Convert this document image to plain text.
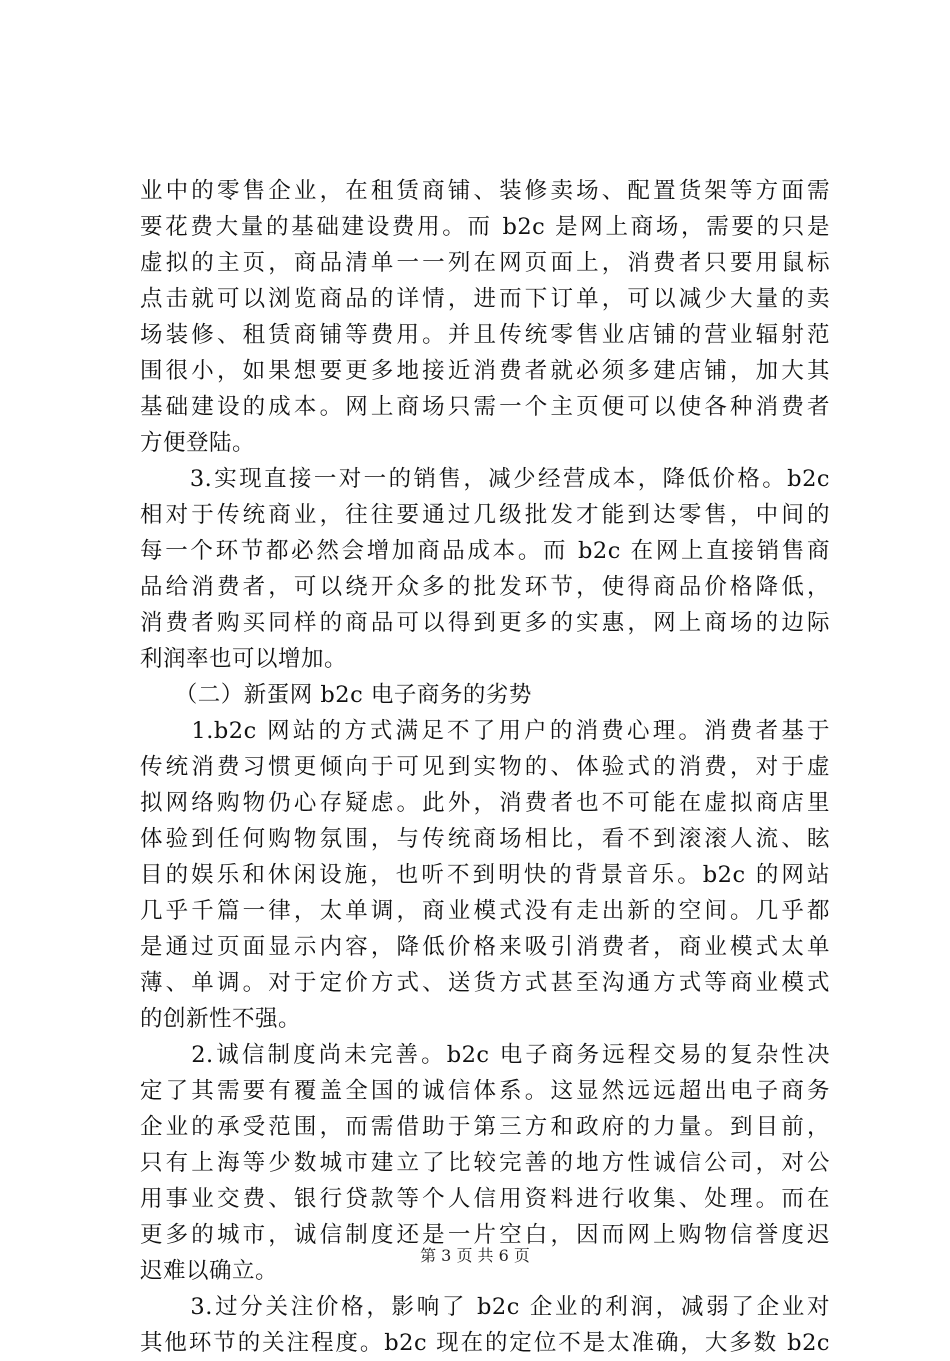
业中的零售企业，在租赁商铺、装修卖场、配置货架等方面需
要花费大量的基础建设费用。而 b2c 是网上商场，需要的只是
虚拟的主页，商品清单一一列在网页面上，消费者只要用鼠标
点击就可以浏览商品的详情，进而下订单，可以减少大量的卖
场装修、租赁商铺等费用。并且传统零售业店铺的营业辐射范
围很小，如果想要更多地接近消费者就必须多建店铺，加大其
基础建设的成本。网上商场只需一个主页便可以使各种消费者
方便登陆。
　　3.实现直接一对一的销售，减少经营成本，降低价格。b2c
相对于传统商业，往往要通过几级批发才能到达零售，中间的
每一个环节都必然会增加商品成本。而 b2c 在网上直接销售商
品给消费者，可以绕开众多的批发环节，使得商品价格降低，
消费者购买同样的商品可以得到更多的实惠，网上商场的边际
利润率也可以增加。
　　（二）新蛋网 b2c 电子商务的劣势
　　1.b2c 网站的方式满足不了用户的消费心理。消费者基于
传统消费习惯更倾向于可见到实物的、体验式的消费，对于虚
拟网络购物仍心存疑虑。此外，消费者也不可能在虚拟商店里
体验到任何购物氛围，与传统商场相比，看不到滚滚人流、眩
目的娱乐和休闲设施，也听不到明快的背景音乐。b2c 的网站
几乎千篇一律，太单调，商业模式没有走出新的空间。几乎都
是通过页面显示内容，降低价格来吸引消费者，商业模式太单
薄、单调。对于定价方式、送货方式甚至沟通方式等商业模式
的创新性不强。
　　2.诚信制度尚未完善。b2c 电子商务远程交易的复杂性决
定了其需要有覆盖全国的诚信体系。这显然远远超出电子商务
企业的承受范围，而需借助于第三方和政府的力量。到目前，
只有上海等少数城市建立了比较完善的地方性诚信公司，对公
用事业交费、银行贷款等个人信用资料进行收集、处理。而在
更多的城市，诚信制度还是一片空白，因而网上购物信誉度迟
迟难以确立。
　　3.过分关注价格，影响了 b2c 企业的利润，减弱了企业对
其他环节的关注程度。b2c 现在的定位不是太准确，大多数 b2c
第 3 页 共 6 页
